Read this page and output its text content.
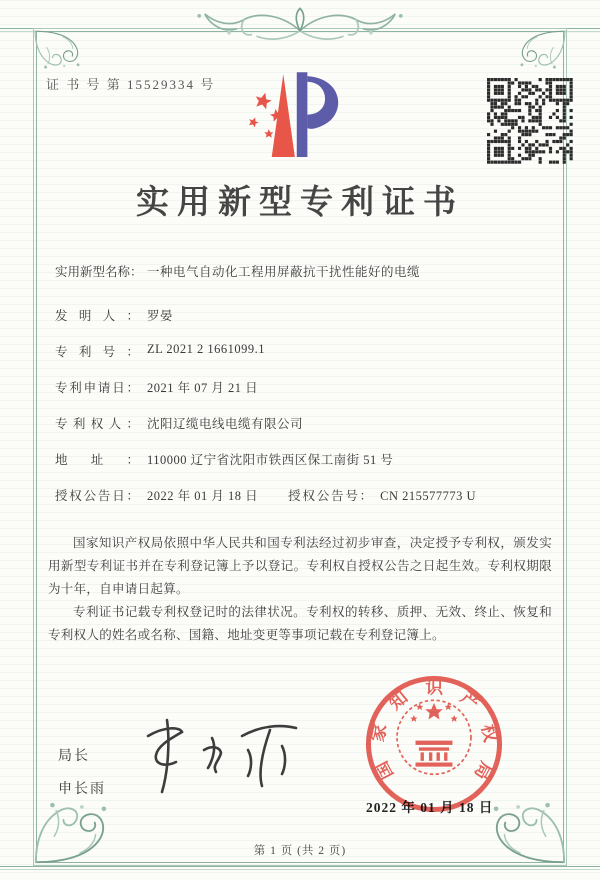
证 书 号 第 15529334 号
实用新型专利证书
实用新型名称： 一种电气自动化工程用屏蔽抗干扰性能好的电缆
发明人： 罗晏
专利号： ZL 2021 2 1661099.1
专利申请日： 2021 年 07 月 21 日
专利权人： 沈阳辽缆电线电缆有限公司
地址： 110000 辽宁省沈阳市铁西区保工南街 51 号
授权公告日： 2022 年 01 月 18 日 授权公告号： CN 215577773 U

国家知识产权局依照中华人民共和国专利法经过初步审查，决定授予专利权，颁发实用新型专利证书并在专利登记簿上予以登记。专利权自授权公告之日起生效。专利权期限为十年，自申请日起算。

专利证书记载专利权登记时的法律状况。专利权的转移、质押、无效、终止、恢复和专利权人的姓名或名称、国籍、地址变更等事项记载在专利登记簿上。

局长
申长雨
2022 年 01 月 18 日
国家知识产权局
第 1 页 (共 2 页)
